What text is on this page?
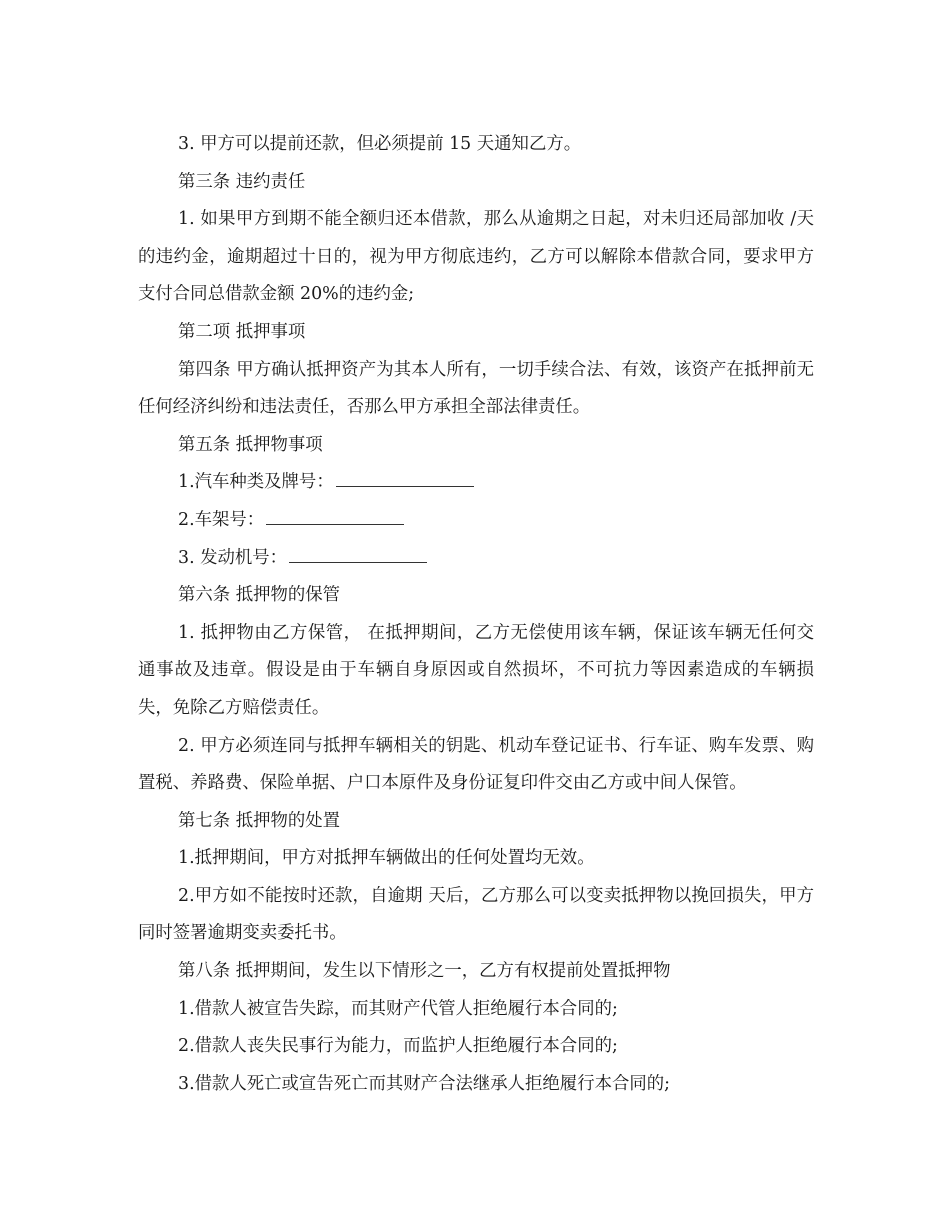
3. 甲方可以提前还款，但必须提前 15 天通知乙方。

第三条 违约责任

1. 如果甲方到期不能全额归还本借款，那么从逾期之日起，对未归还局部加收 /天 的违约金，逾期超过十日的，视为甲方彻底违约，乙方可以解除本借款合同，要求甲方支付合同总借款金额 20%的违约金;

第二项 抵押事项

第四条 甲方确认抵押资产为其本人所有，一切手续合法、有效，该资产在抵押前无任何经济纠纷和违法责任，否那么甲方承担全部法律责任。

第五条 抵押物事项

1.汽车种类及牌号：

2.车架号：

3. 发动机号：

第六条 抵押物的保管

1. 抵押物由乙方保管， 在抵押期间，乙方无偿使用该车辆，保证该车辆无任何交通事故及违章。假设是由于车辆自身原因或自然损坏，不可抗力等因素造成的车辆损失，免除乙方赔偿责任。

2. 甲方必须连同与抵押车辆相关的钥匙、机动车登记证书、行车证、购车发票、购置税、养路费、保险单据、户口本原件及身份证复印件交由乙方或中间人保管。

第七条 抵押物的处置

1.抵押期间，甲方对抵押车辆做出的任何处置均无效。

2.甲方如不能按时还款，自逾期 天后，乙方那么可以变卖抵押物以挽回损失，甲方同时签署逾期变卖委托书。

第八条 抵押期间，发生以下情形之一，乙方有权提前处置抵押物

1.借款人被宣告失踪，而其财产代管人拒绝履行本合同的;

2.借款人丧失民事行为能力，而监护人拒绝履行本合同的;

3.借款人死亡或宣告死亡而其财产合法继承人拒绝履行本合同的;
